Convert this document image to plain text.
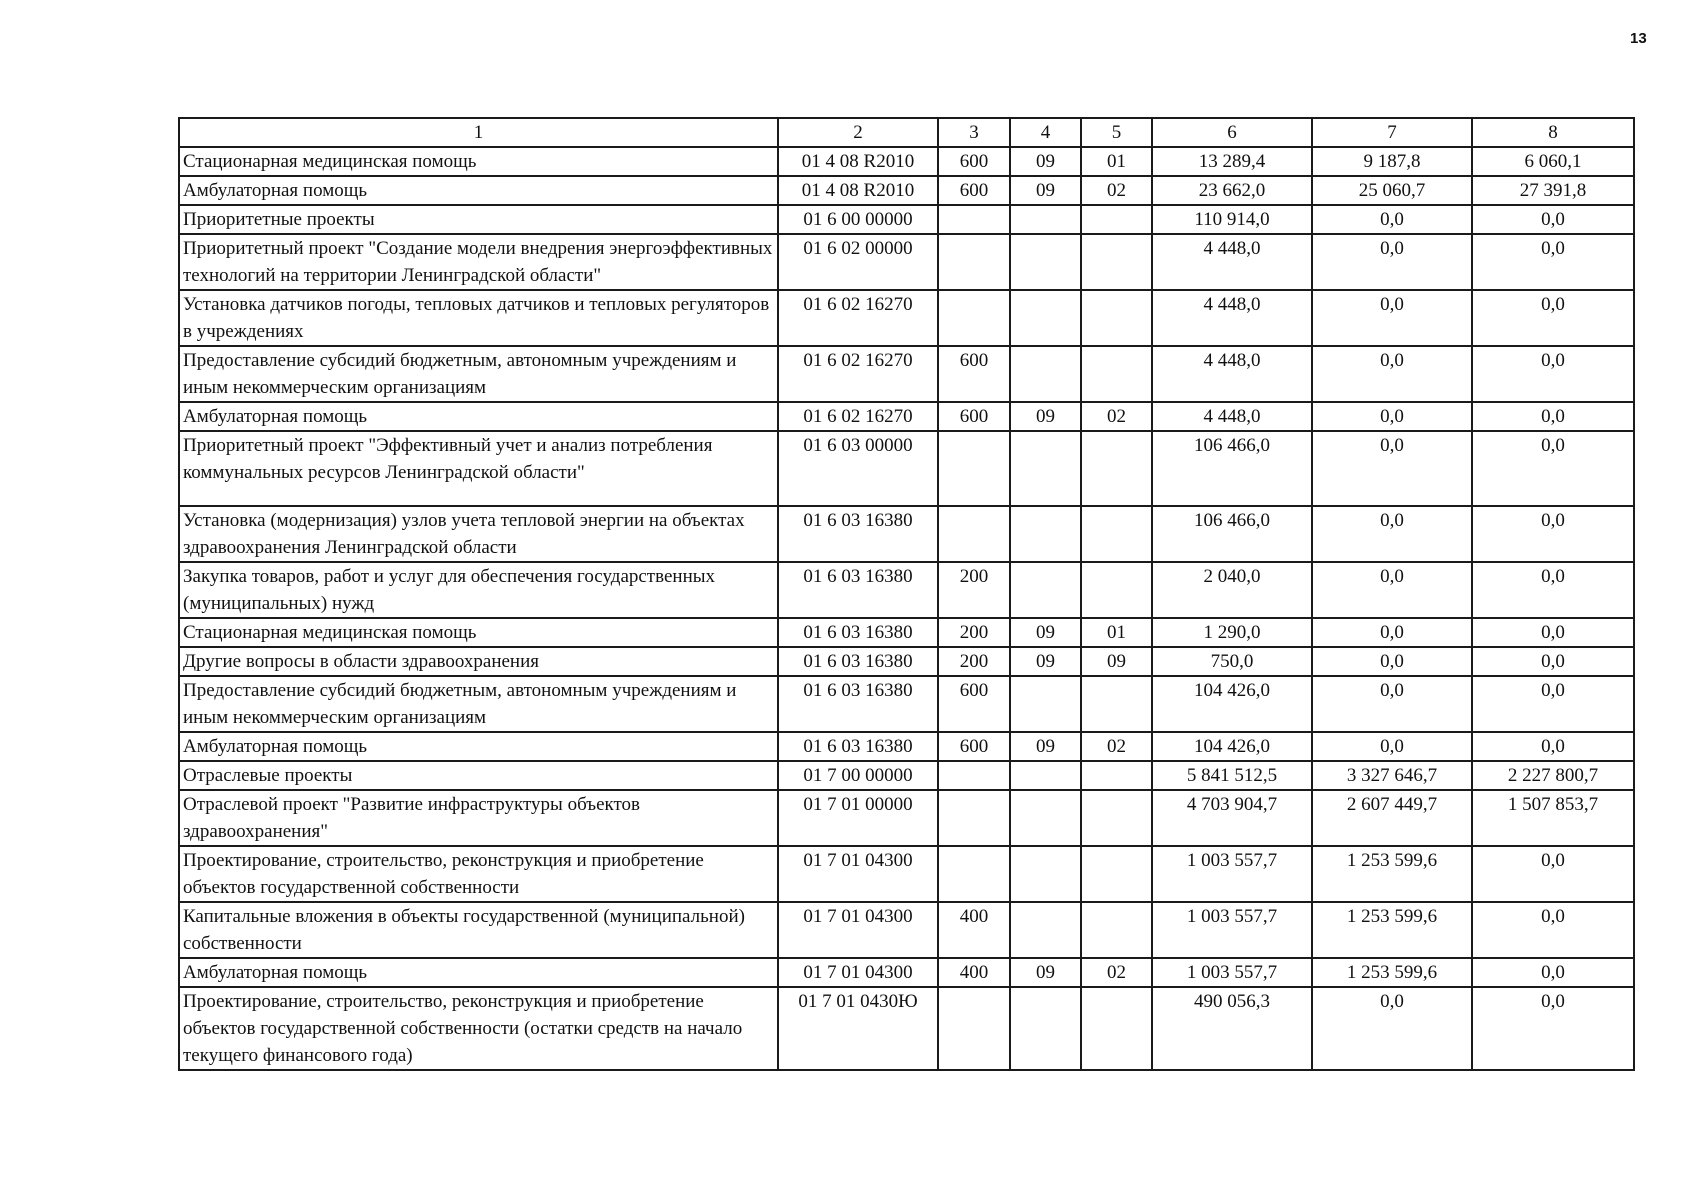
13
1	2	3	4	5	6	7	8
Стационарная медицинская помощь	01 4 08 R2010	600	09	01	13 289,4	9 187,8	6 060,1
Амбулаторная помощь	01 4 08 R2010	600	09	02	23 662,0	25 060,7	27 391,8
Приоритетные проекты	01 6 00 00000				110 914,0	0,0	0,0
Приоритетный проект "Создание модели внедрения энергоэффективных технологий на территории Ленинградской области"	01 6 02 00000				4 448,0	0,0	0,0
Установка датчиков погоды, тепловых датчиков и тепловых регуляторов в учреждениях	01 6 02 16270				4 448,0	0,0	0,0
Предоставление субсидий бюджетным, автономным учреждениям и иным некоммерческим организациям	01 6 02 16270	600			4 448,0	0,0	0,0
Амбулаторная помощь	01 6 02 16270	600	09	02	4 448,0	0,0	0,0
Приоритетный проект "Эффективный учет и анализ потребления коммунальных ресурсов Ленинградской области"	01 6 03 00000				106 466,0	0,0	0,0
Установка (модернизация) узлов учета тепловой энергии на объектах здравоохранения Ленинградской области	01 6 03 16380				106 466,0	0,0	0,0
Закупка товаров, работ и услуг для обеспечения государственных (муниципальных) нужд	01 6 03 16380	200			2 040,0	0,0	0,0
Стационарная медицинская помощь	01 6 03 16380	200	09	01	1 290,0	0,0	0,0
Другие вопросы в области здравоохранения	01 6 03 16380	200	09	09	750,0	0,0	0,0
Предоставление субсидий бюджетным, автономным учреждениям и иным некоммерческим организациям	01 6 03 16380	600			104 426,0	0,0	0,0
Амбулаторная помощь	01 6 03 16380	600	09	02	104 426,0	0,0	0,0
Отраслевые проекты	01 7 00 00000				5 841 512,5	3 327 646,7	2 227 800,7
Отраслевой проект "Развитие инфраструктуры объектов здравоохранения"	01 7 01 00000				4 703 904,7	2 607 449,7	1 507 853,7
Проектирование, строительство, реконструкция и приобретение объектов государственной собственности	01 7 01 04300				1 003 557,7	1 253 599,6	0,0
Капитальные вложения в объекты государственной (муниципальной) собственности	01 7 01 04300	400			1 003 557,7	1 253 599,6	0,0
Амбулаторная помощь	01 7 01 04300	400	09	02	1 003 557,7	1 253 599,6	0,0
Проектирование, строительство, реконструкция и приобретение объектов государственной собственности (остатки средств на начало текущего финансового года)	01 7 01 0430Ю				490 056,3	0,0	0,0
